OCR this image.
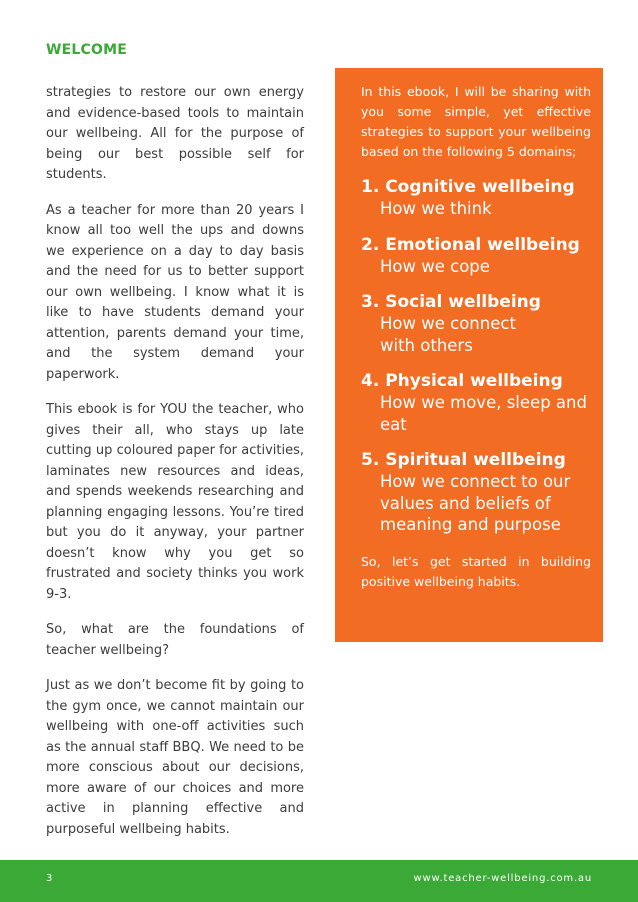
WELCOME

strategies to restore our own energy and evidence-based tools to maintain our wellbeing. All for the purpose of being our best possible self for students.

As a teacher for more than 20 years I know all too well the ups and downs we experience on a day to day basis and the need for us to better support our own wellbeing. I know what it is like to have students demand your attention, parents demand your time, and the system demand your paperwork.

This ebook is for YOU the teacher, who gives their all, who stays up late cutting up coloured paper for activities, laminates new resources and ideas, and spends weekends researching and planning engaging lessons. You’re tired but you do it anyway, your partner doesn’t know why you get so frustrated and society thinks you work 9-3.

So, what are the foundations of teacher wellbeing?

Just as we don’t become fit by going to the gym once, we cannot maintain our wellbeing with one-off activities such as the annual staff BBQ. We need to be more conscious about our decisions, more aware of our choices and more active in planning effective and purposeful wellbeing habits.

In this ebook, I will be sharing with you some simple, yet effective strategies to support your wellbeing based on the following 5 domains;

1. Cognitive wellbeing
How we think
2. Emotional wellbeing
How we cope
3. Social wellbeing
How we connect with others
4. Physical wellbeing
How we move, sleep and eat
5. Spiritual wellbeing
How we connect to our values and beliefs of meaning and purpose

So, let’s get started in building positive wellbeing habits.

3	www.teacher-wellbeing.com.au
